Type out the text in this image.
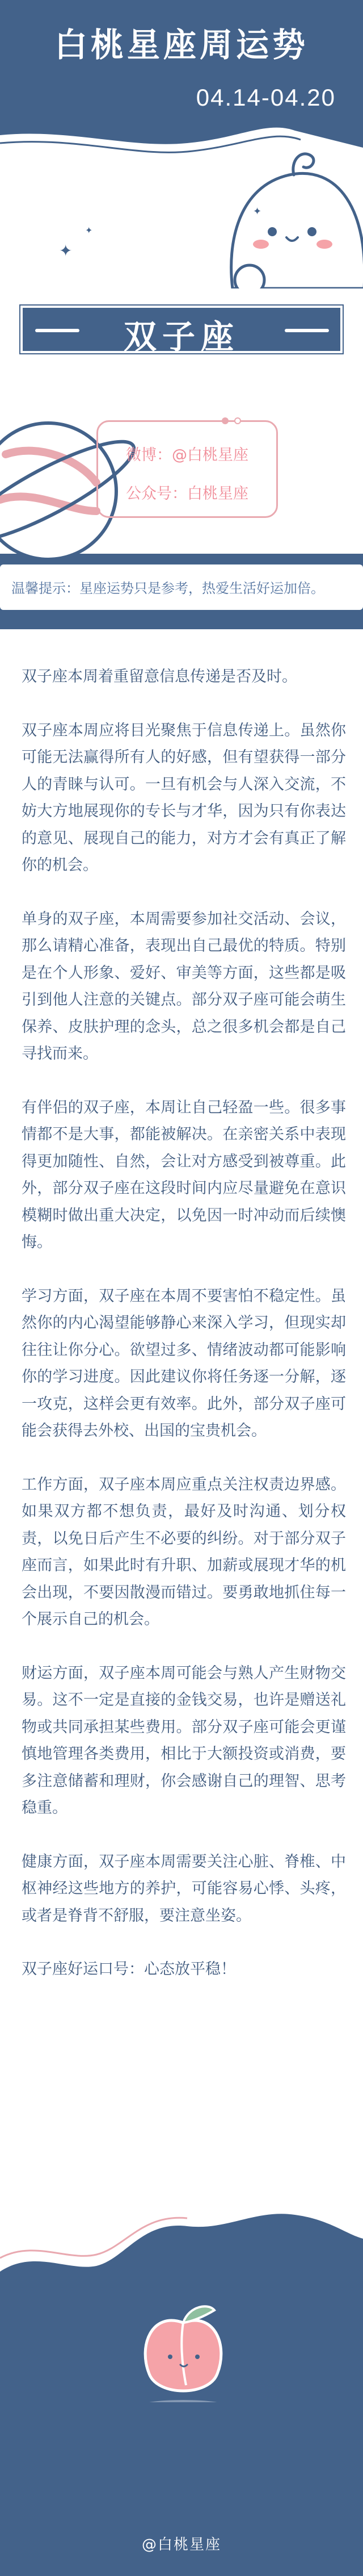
白桃星座周运势
04.14-04.20
✦
✦
✦
双子座
重点参考：太阳星座、上升星座
微博：@白桃星座
公众号：白桃星座
温馨提示：星座运势只是参考，热爱生活好运加倍。

双子座本周着重留意信息传递是否及时。

双子座本周应将目光聚焦于信息传递上。虽然你可能无法赢得所有人的好感，但有望获得一部分人的青睐与认可。一旦有机会与人深入交流，不妨大方地展现你的专长与才华，因为只有你表达的意见、展现自己的能力，对方才会有真正了解你的机会。

单身的双子座，本周需要参加社交活动、会议，那么请精心准备，表现出自己最优的特质。特别是在个人形象、爱好、审美等方面，这些都是吸引到他人注意的关键点。部分双子座可能会萌生保养、皮肤护理的念头，总之很多机会都是自己寻找而来。

有伴侣的双子座，本周让自己轻盈一些。很多事情都不是大事，都能被解决。在亲密关系中表现得更加随性、自然，会让对方感受到被尊重。此外，部分双子座在这段时间内应尽量避免在意识模糊时做出重大决定，以免因一时冲动而后续懊悔。

学习方面，双子座在本周不要害怕不稳定性。虽然你的内心渴望能够静心来深入学习，但现实却往往让你分心。欲望过多、情绪波动都可能影响你的学习进度。因此建议你将任务逐一分解，逐一攻克，这样会更有效率。此外，部分双子座可能会获得去外校、出国的宝贵机会。

工作方面，双子座本周应重点关注权责边界感。如果双方都不想负责，最好及时沟通、划分权责，以免日后产生不必要的纠纷。对于部分双子座而言，如果此时有升职、加薪或展现才华的机会出现，不要因散漫而错过。要勇敢地抓住每一个展示自己的机会。

财运方面，双子座本周可能会与熟人产生财物交易。这不一定是直接的金钱交易，也许是赠送礼物或共同承担某些费用。部分双子座可能会更谨慎地管理各类费用，相比于大额投资或消费，要多注意储蓄和理财，你会感谢自己的理智、思考稳重。

健康方面，双子座本周需要关注心脏、脊椎、中枢神经这些地方的养护，可能容易心悸、头疼，或者是脊背不舒服，要注意坐姿。

双子座好运口号：心态放平稳！

@白桃星座
